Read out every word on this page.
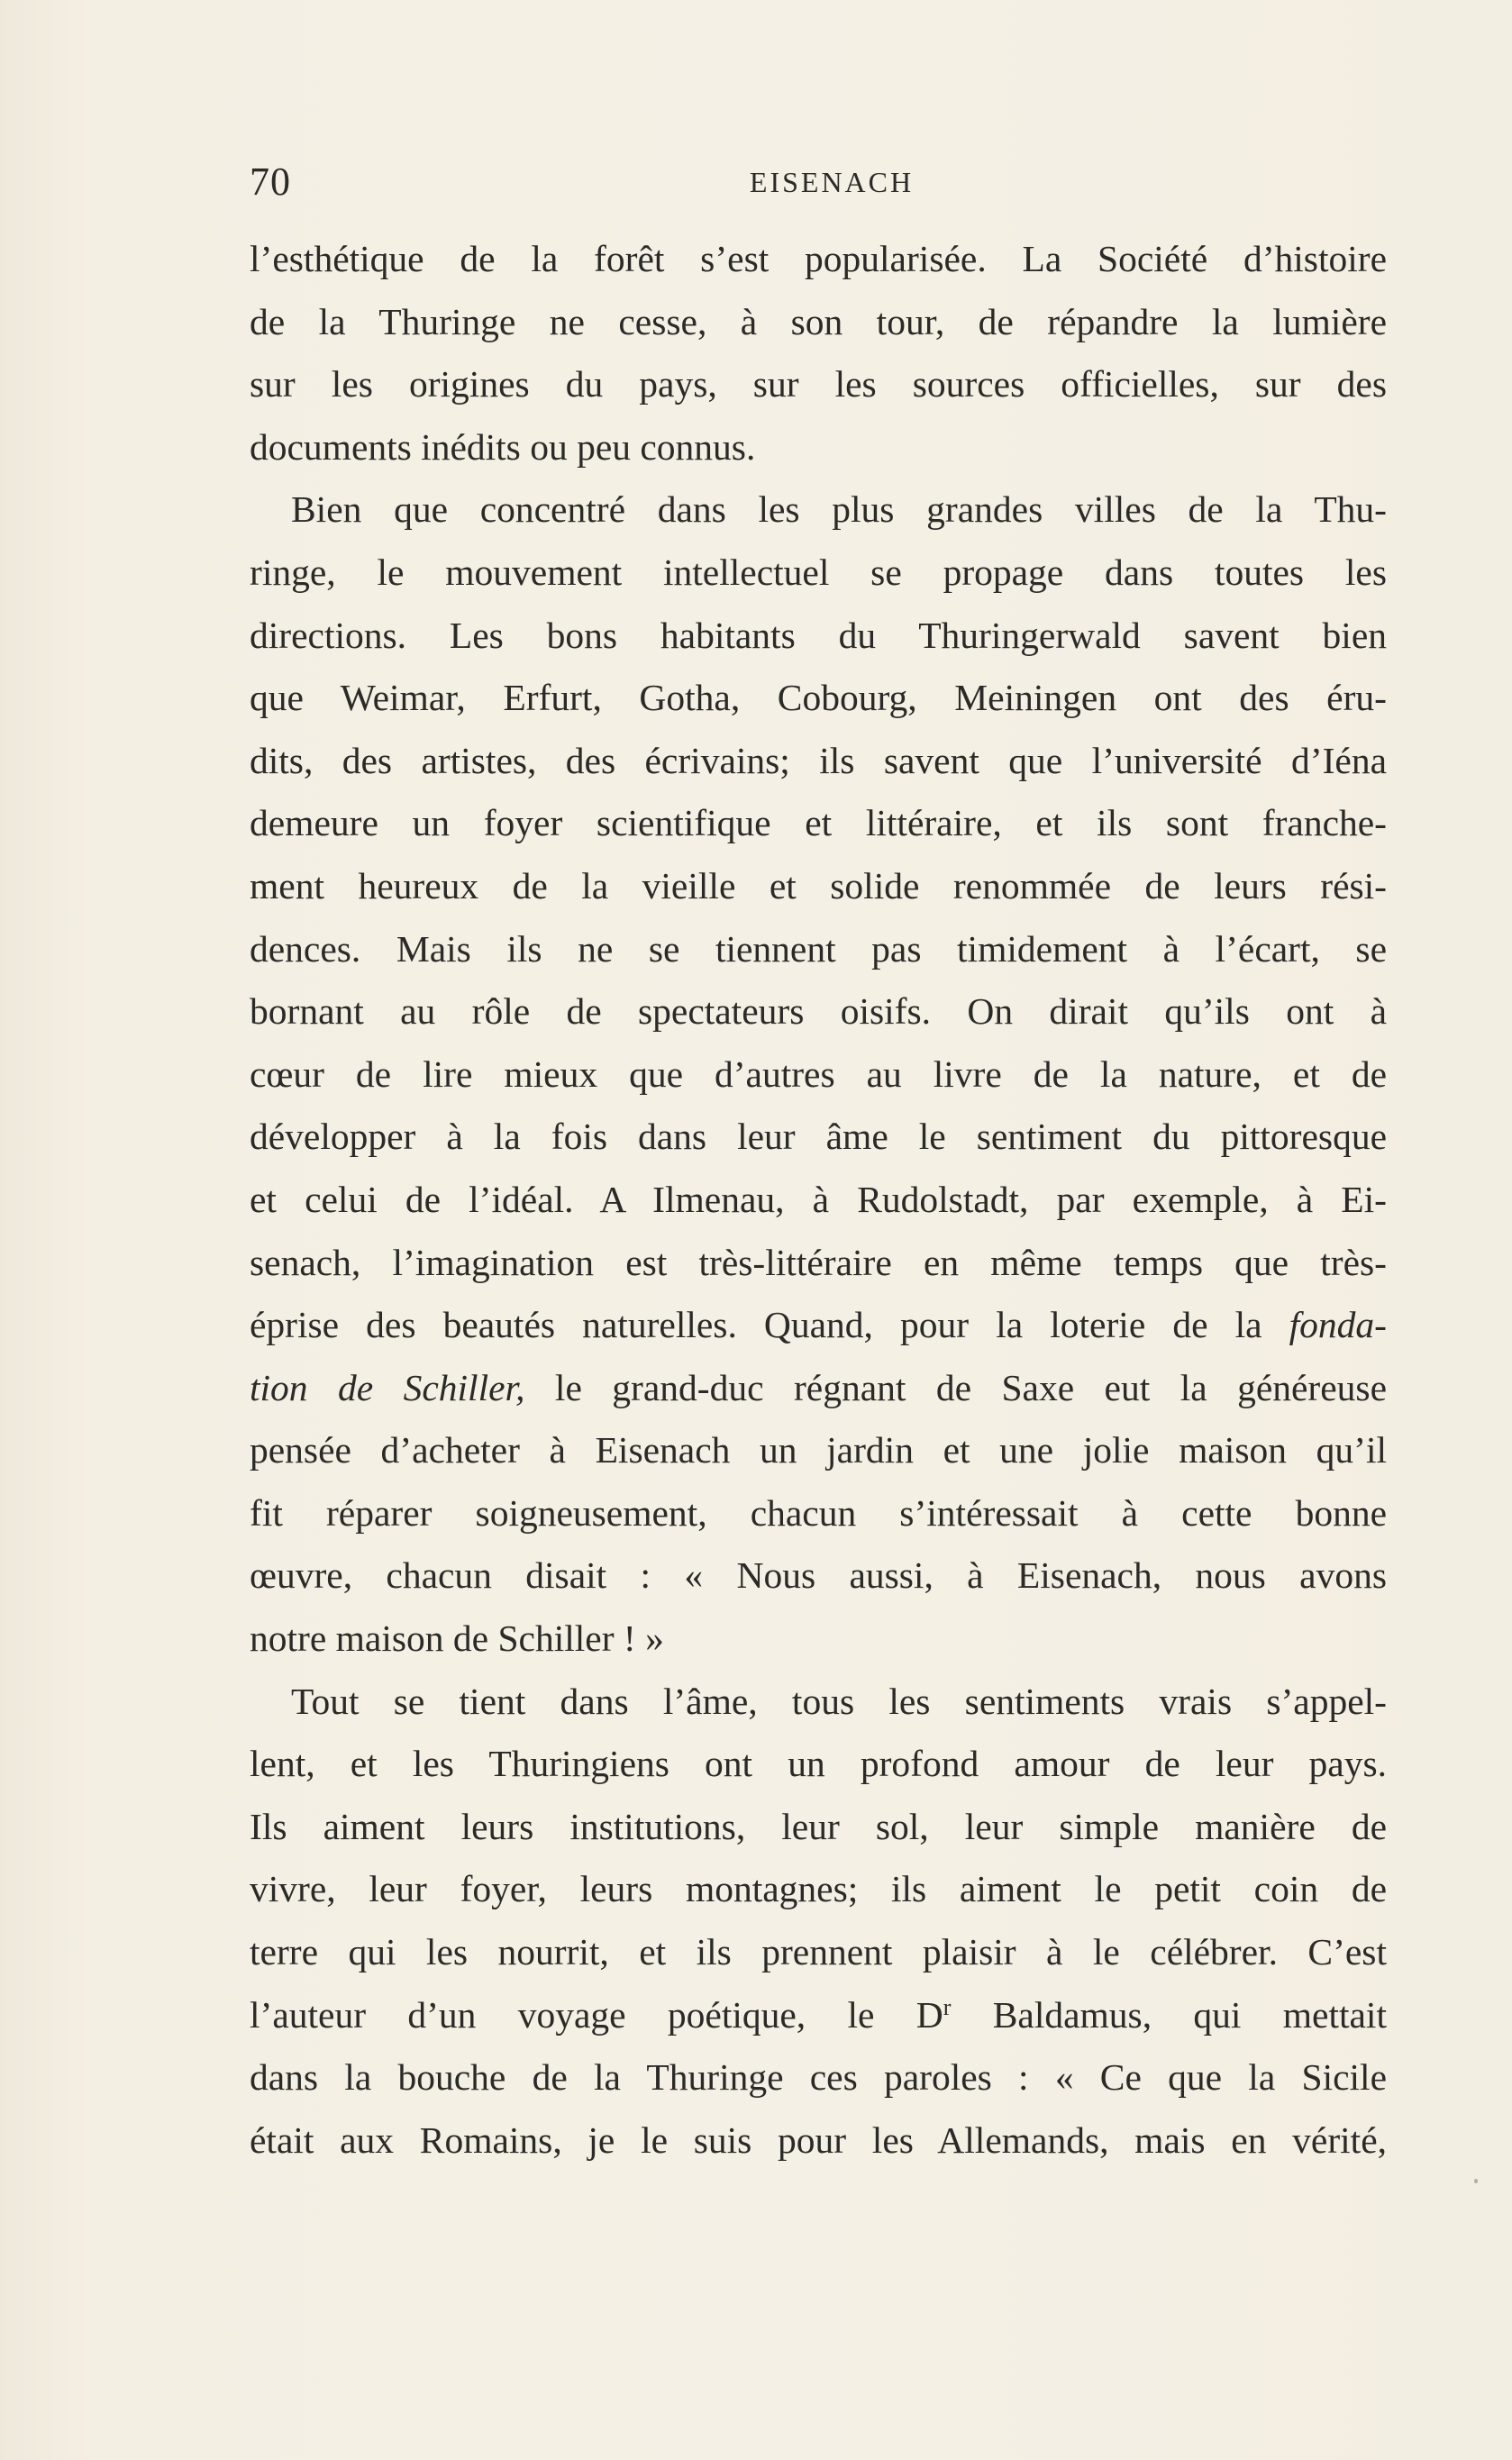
70	EISENACH
l’esthétique de la forêt s’est popularisée. La Société d’histoire
de la Thuringe ne cesse, à son tour, de répandre la lumière
sur les origines du pays, sur les sources officielles, sur des
documents inédits ou peu connus.
Bien que concentré dans les plus grandes villes de la Thu-
ringe, le mouvement intellectuel se propage dans toutes les
directions. Les bons habitants du Thuringerwald savent bien
que Weimar, Erfurt, Gotha, Cobourg, Meiningen ont des éru-
dits, des artistes, des écrivains; ils savent que l’université d’Iéna
demeure un foyer scientifique et littéraire, et ils sont franche-
ment heureux de la vieille et solide renommée de leurs rési-
dences. Mais ils ne se tiennent pas timidement à l’écart, se
bornant au rôle de spectateurs oisifs. On dirait qu’ils ont à
cœur de lire mieux que d’autres au livre de la nature, et de
développer à la fois dans leur âme le sentiment du pittoresque
et celui de l’idéal. A Ilmenau, à Rudolstadt, par exemple, à Ei-
senach, l’imagination est très-littéraire en même temps que très-
éprise des beautés naturelles. Quand, pour la loterie de la fonda-
tion de Schiller, le grand-duc régnant de Saxe eut la généreuse
pensée d’acheter à Eisenach un jardin et une jolie maison qu’il
fit réparer soigneusement, chacun s’intéressait à cette bonne
œuvre, chacun disait : « Nous aussi, à Eisenach, nous avons
notre maison de Schiller ! »
Tout se tient dans l’âme, tous les sentiments vrais s’appel-
lent, et les Thuringiens ont un profond amour de leur pays.
Ils aiment leurs institutions, leur sol, leur simple manière de
vivre, leur foyer, leurs montagnes; ils aiment le petit coin de
terre qui les nourrit, et ils prennent plaisir à le célébrer. C’est
l’auteur d’un voyage poétique, le $D^r$ Baldamus, qui mettait
dans la bouche de la Thuringe ces paroles : « Ce que la Sicile
était aux Romains, je le suis pour les Allemands, mais en vérité,
